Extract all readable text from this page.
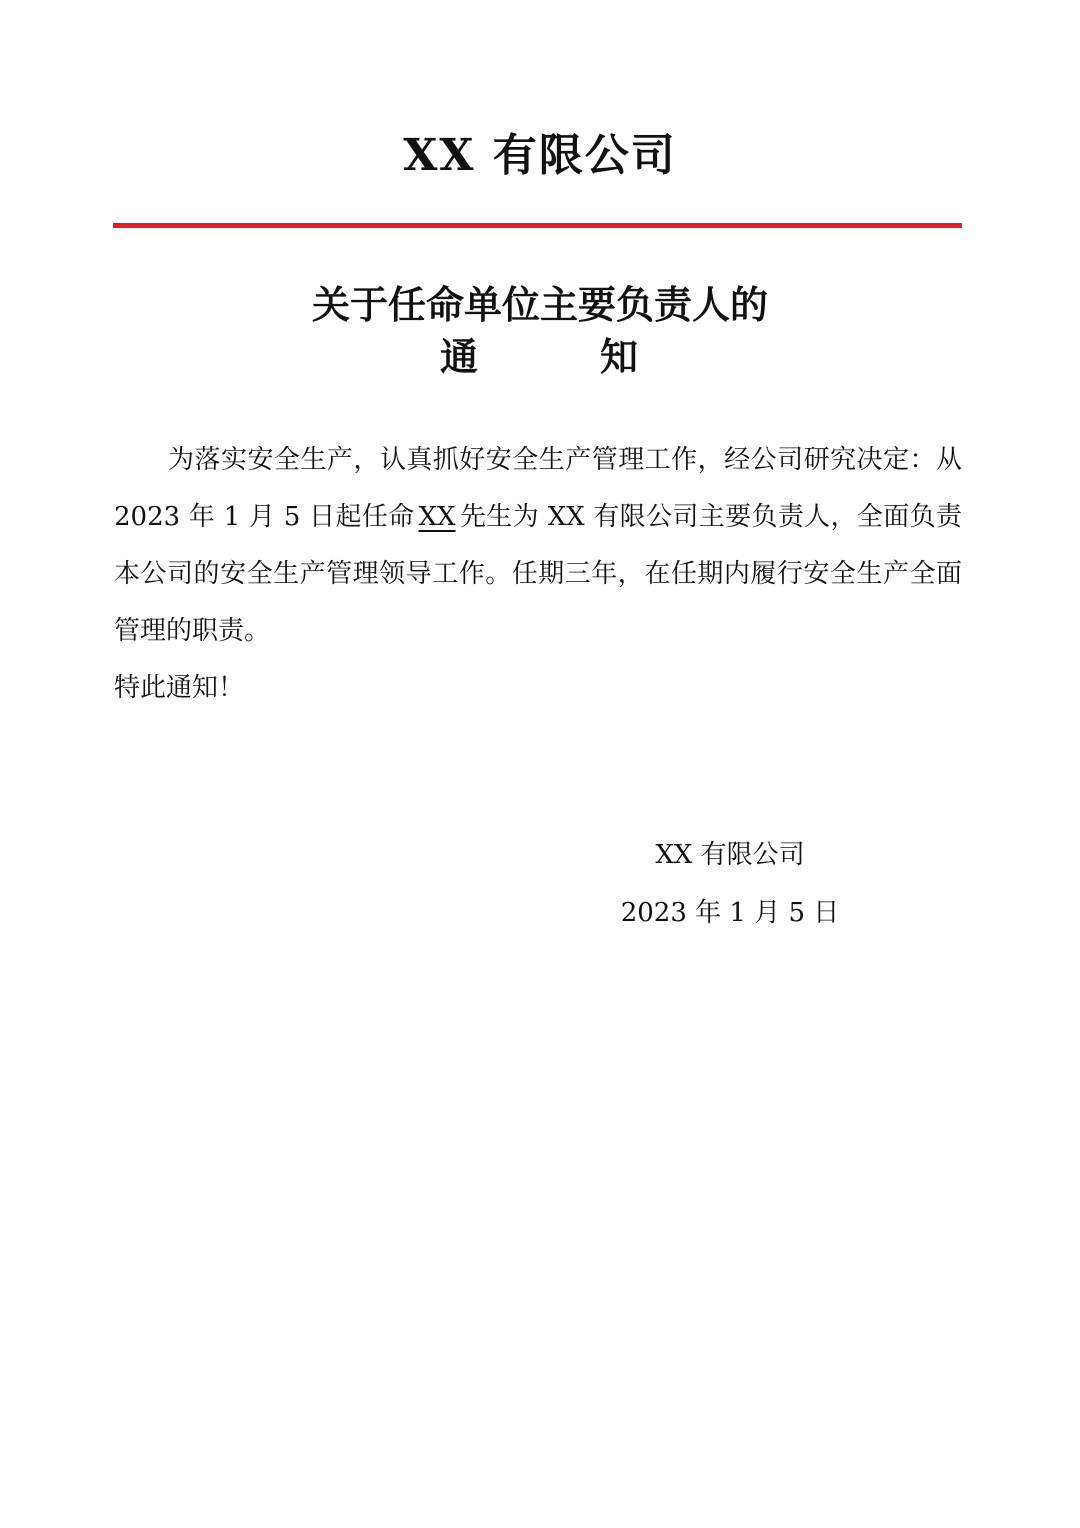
XX 有限公司
关于任命单位主要负责人的
通	知

为落实安全生产，认真抓好安全生产管理工作，经公司研究决定：从 2023 年 1 月 5 日起任命 XX 先生为 XX 有限公司主要负责人，全面负责本公司的安全生产管理领导工作。任期三年，在任期内履行安全生产全面管理的职责。

特此通知！

XX 有限公司
2023 年 1 月 5 日
